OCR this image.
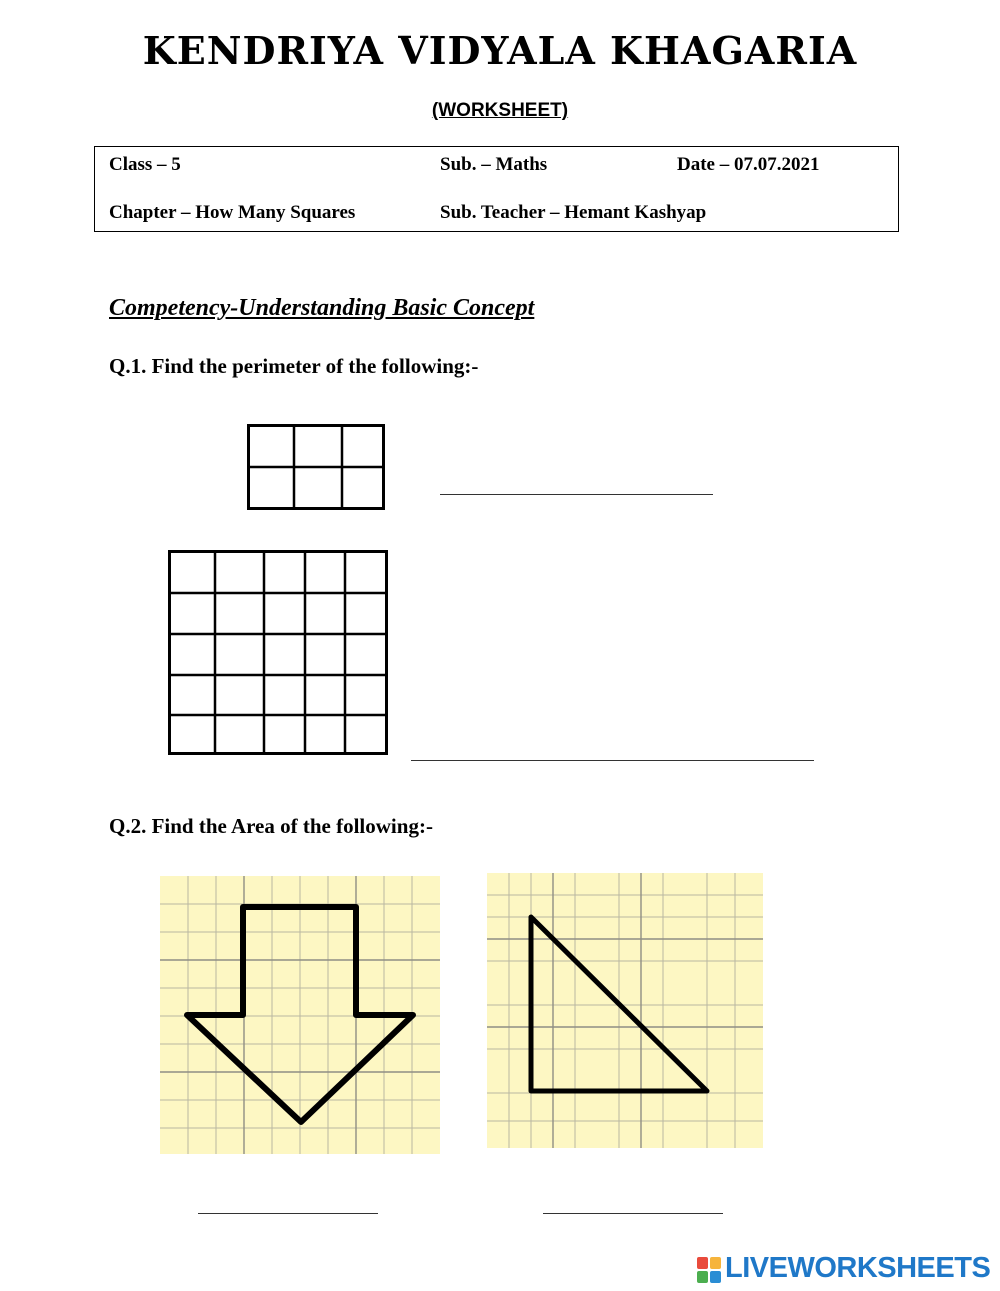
KENDRIYA VIDYALA KHAGARIA
(WORKSHEET)
Class – 5	Sub. – Maths	Date – 07.07.2021
Chapter – How Many Squares	Sub. Teacher – Hemant Kashyap
Competency-Understanding Basic Concept
Q.1. Find the perimeter of the following:-
Q.2. Find the Area of the following:-
LIVEWORKSHEETS
